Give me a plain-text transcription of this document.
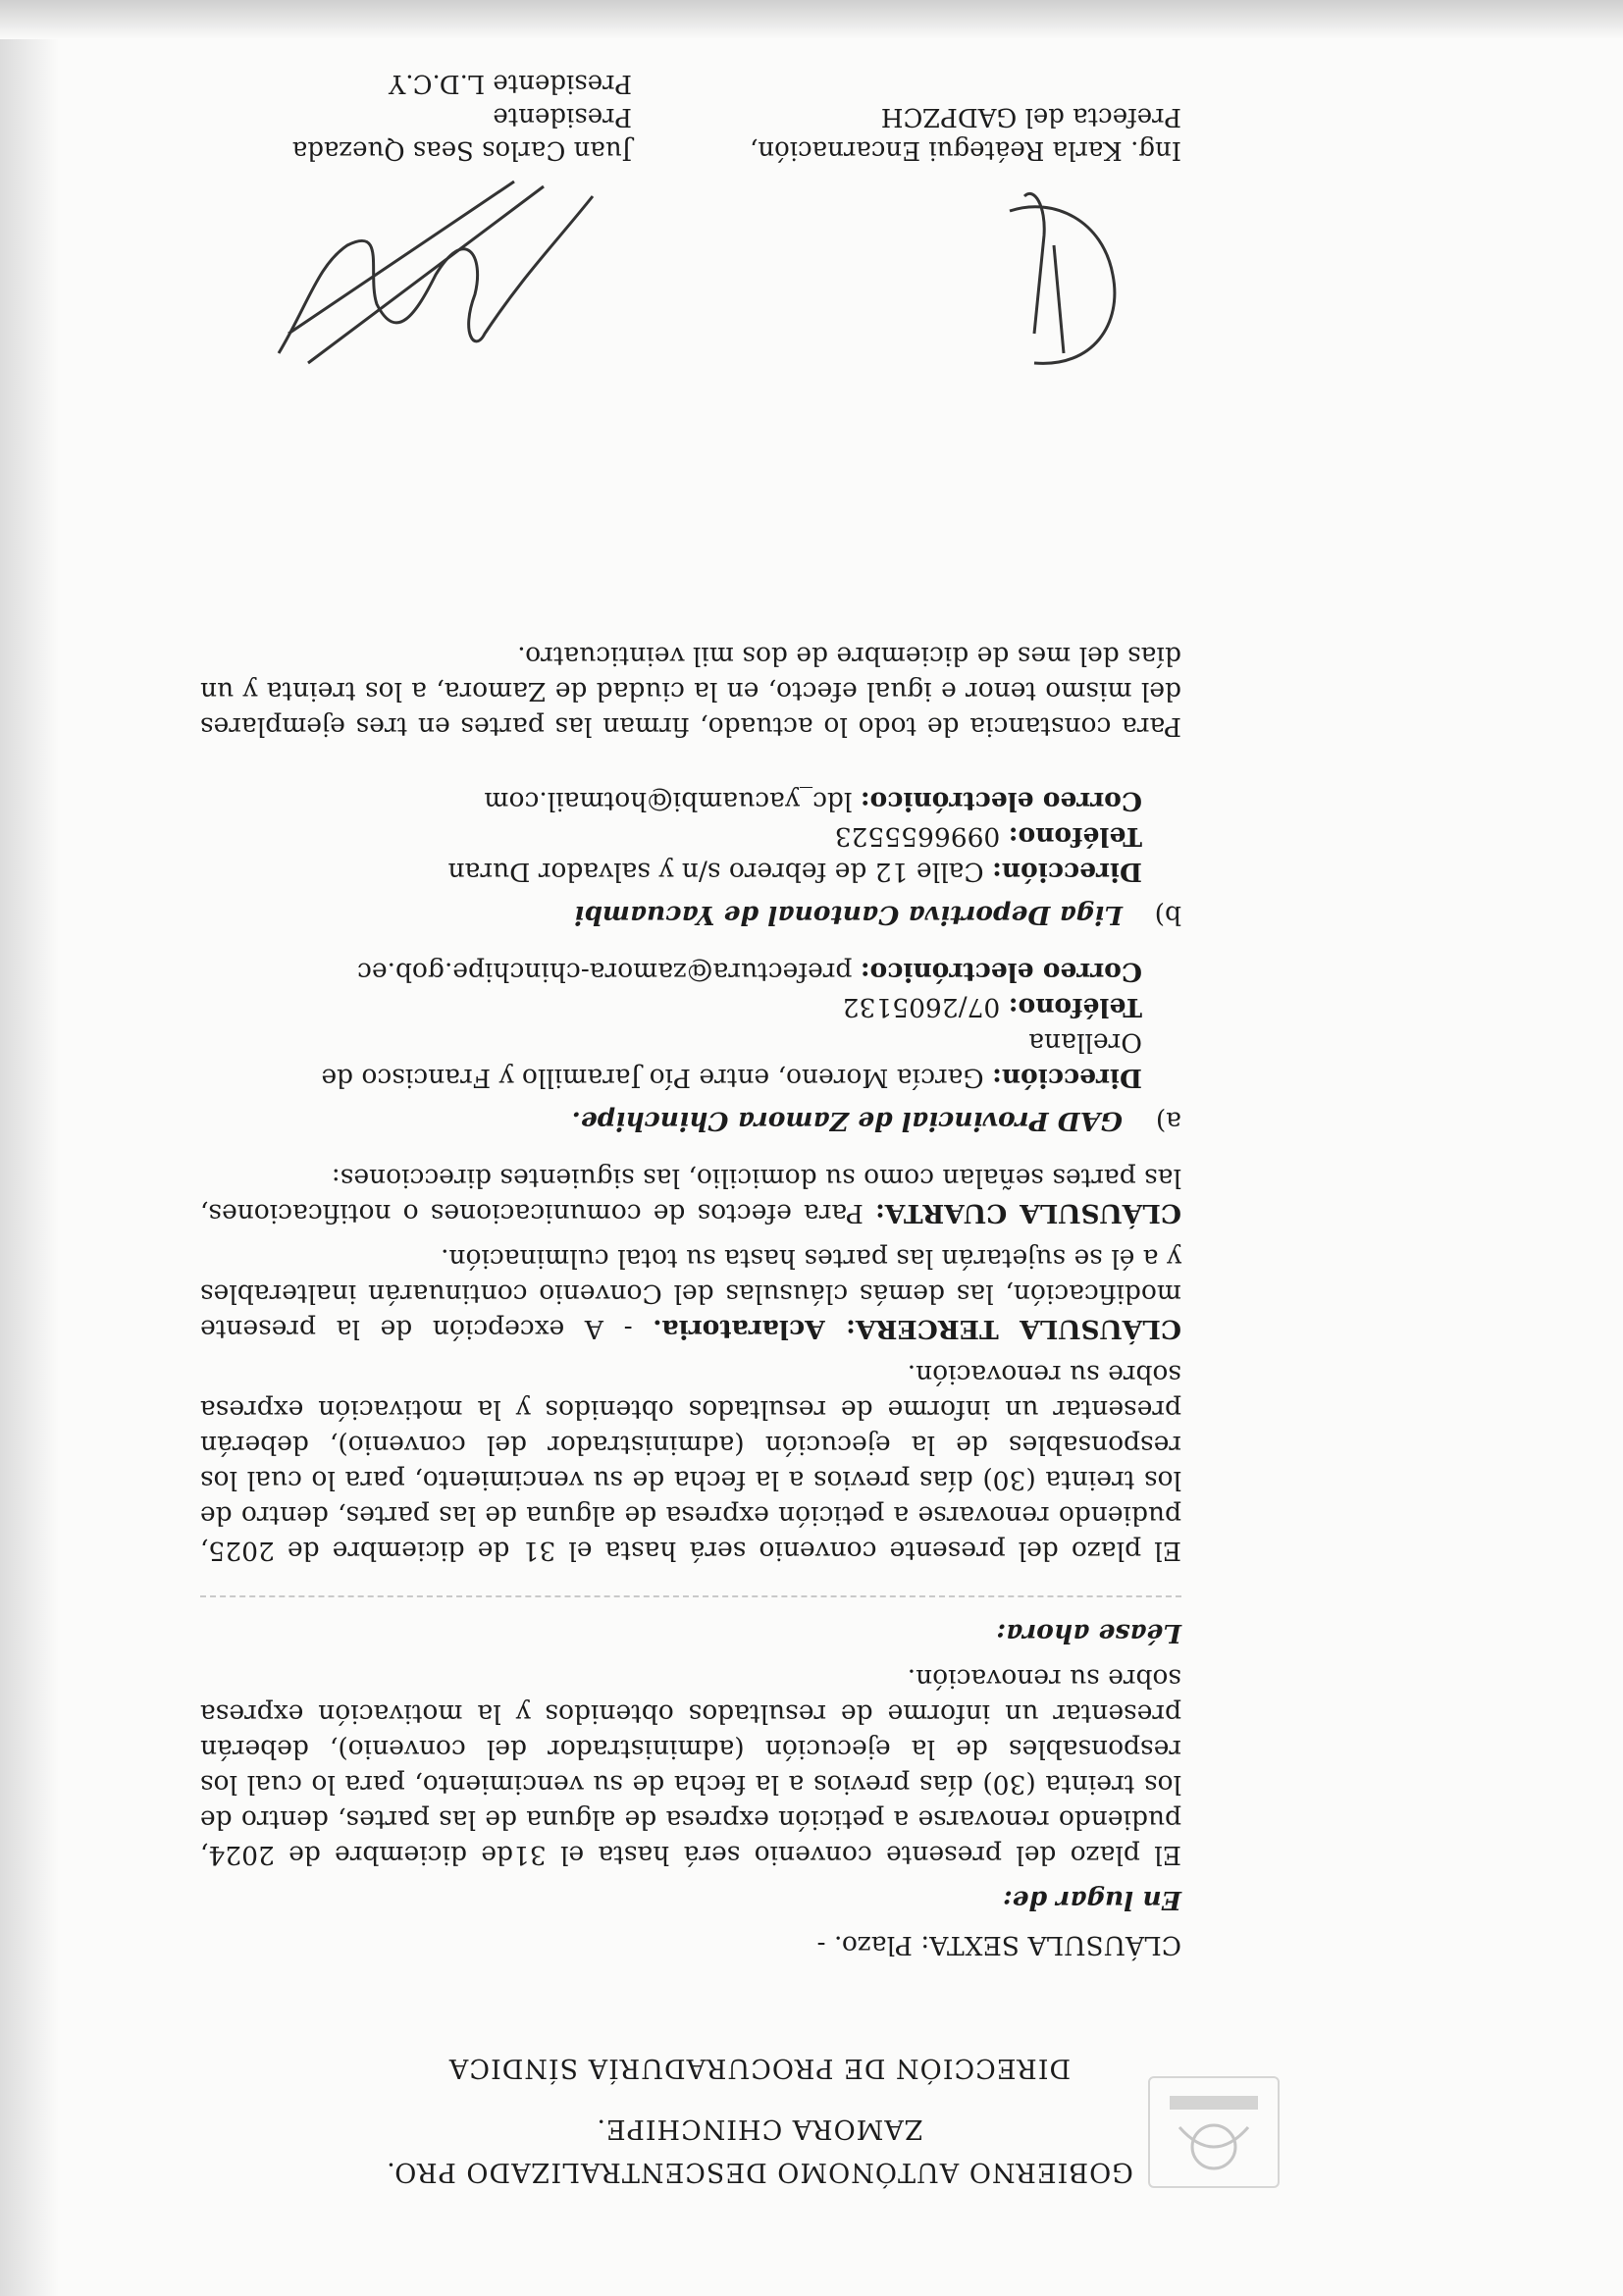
GOBIERNO AUTÓNOMO DESCENTRALIZADO PRO.
ZAMORA CHINCHIPE.
DIRECCIÓN DE PROCURADURÍA SÍNDICA

CLÁUSULA SEXTA: Plazo. -

En lugar de:

El plazo del presente convenio será hasta el 31de diciembre de 2024, pudiendo renovarse a petición expresa de alguna de las partes, dentro de los treinta (30) días previos a la fecha de su vencimiento, para lo cual los responsables de la ejecución (administrador del convenio), deberán presentar un informe de resultados obtenidos y la motivación expresa sobre su renovación.

Léase ahora:

El plazo del presente convenio será hasta el 31 de diciembre de 2025, pudiendo renovarse a petición expresa de alguna de las partes, dentro de los treinta (30) días previos a la fecha de su vencimiento, para lo cual los responsables de la ejecución (administrador del convenio), deberán presentar un informe de resultados obtenidos y la motivación expresa sobre su renovación.

CLÁUSULA TERCERA: Aclaratoria. - A excepción de la presente modificación, las demás cláusulas del Convenio continuarán inalterables y a él se sujetarán las partes hasta su total culminación.

CLÁUSULA CUARTA: Para efectos de comunicaciones o notificaciones, las partes señalan como su domicilio, las siguientes direcciones:

a)GAD Provincial de Zamora Chinchipe.
Dirección: García Moreno, entre Pío Jaramillo y Francisco de Orellana
Teléfono: 07/2605132
Correo electrónico: prefectura@zamora-chinchipe.gob.ec
b)Liga Deportiva Cantonal de Yacuambi
Dirección: Calle 12 de febrero s/n y salvador Duran
Teléfono: 0996655523
Correo electrónico: ldc_yacuambi@hotmail.com

Para constancia de todo lo actuado, firman las partes en tres ejemplares del mismo tenor e igual efecto, en la ciudad de Zamora, a los treinta y un días del mes de diciembre de dos mil veinticuatro.

Ing. Karla Reátegui Encarnación,
Prefecta del GADPZCH
Juan Carlos Seas Quezada Presidente
Presidente L.D.C.Y
